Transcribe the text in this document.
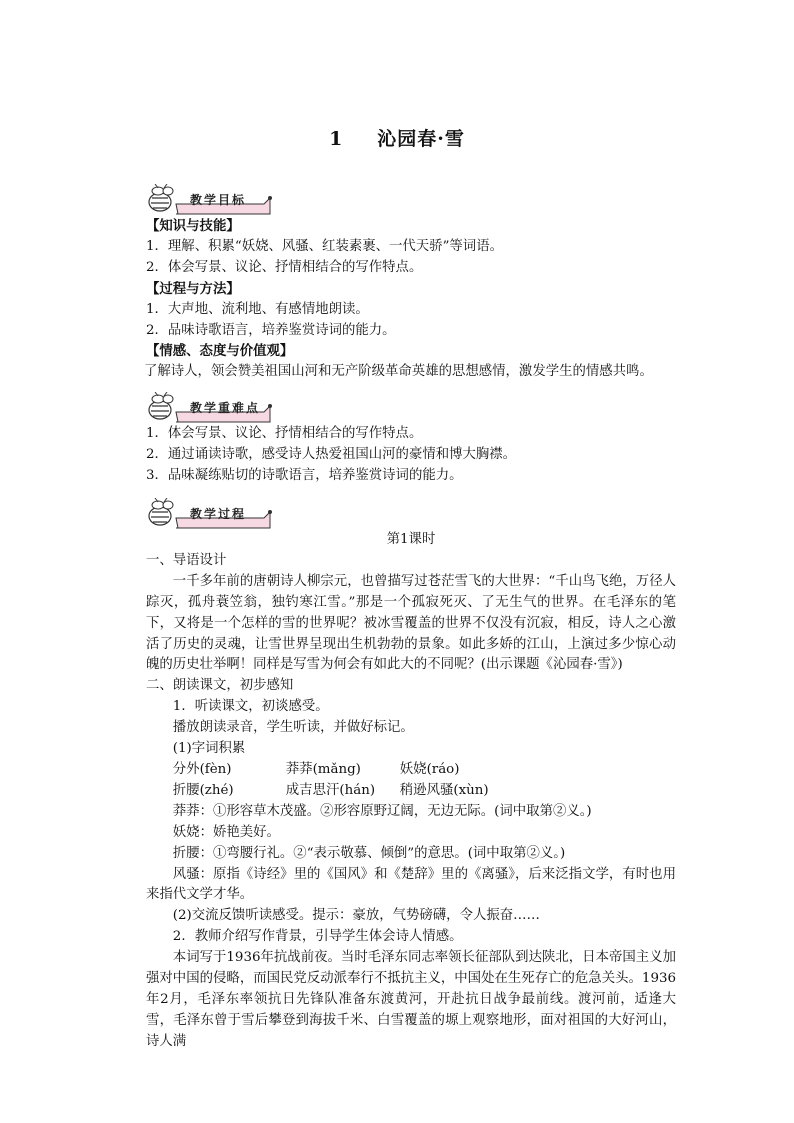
1 沁园春·雪
教学目标
【知识与技能】
1．理解、积累“妖娆、风骚、红装素裹、一代天骄”等词语。
2．体会写景、议论、抒情相结合的写作特点。
【过程与方法】
1．大声地、流利地、有感情地朗读。
2．品味诗歌语言，培养鉴赏诗词的能力。
【情感、态度与价值观】
了解诗人，领会赞美祖国山河和无产阶级革命英雄的思想感情，激发学生的情感共鸣。
教学重难点
1．体会写景、议论、抒情相结合的写作特点。
2．通过诵读诗歌，感受诗人热爱祖国山河的豪情和博大胸襟。
3．品味凝练贴切的诗歌语言，培养鉴赏诗词的能力。
教学过程
第1课时
一、导语设计
一千多年前的唐朝诗人柳宗元，也曾描写过苍茫雪飞的大世界：“千山鸟飞绝，万径人踪灭，孤舟蓑笠翁，独钓寒江雪。”那是一个孤寂死灭、了无生气的世界。在毛泽东的笔下，又将是一个怎样的雪的世界呢？被冰雪覆盖的世界不仅没有沉寂，相反，诗人之心激活了历史的灵魂，让雪世界呈现出生机勃勃的景象。如此多娇的江山，上演过多少惊心动魄的历史壮举啊！同样是写雪为何会有如此大的不同呢？(出示课题《沁园春·雪》)
二、朗读课文，初步感知
1．听读课文，初谈感受。
播放朗读录音，学生听读，并做好标记。
(1)字词积累
分外(fèn)	莽莽(mǎng)	妖娆(ráo)
折腰(zhé)	成吉思汗(hán)	稍逊风骚(xùn)
莽莽：①形容草木茂盛。②形容原野辽阔，无边无际。(词中取第②义。)
妖娆：娇艳美好。
折腰：①弯腰行礼。②“表示敬慕、倾倒”的意思。(词中取第②义。)
风骚：原指《诗经》里的《国风》和《楚辞》里的《离骚》，后来泛指文学，有时也用来指代文学才华。
(2)交流反馈听读感受。提示：豪放，气势磅礴，令人振奋……
2．教师介绍写作背景，引导学生体会诗人情感。
本词写于1936年抗战前夜。当时毛泽东同志率领长征部队到达陕北，日本帝国主义加强对中国的侵略，而国民党反动派奉行不抵抗主义，中国处在生死存亡的危急关头。1936年2月，毛泽东率领抗日先锋队准备东渡黄河，开赴抗日战争最前线。渡河前，适逢大雪，毛泽东曾于雪后攀登到海拔千米、白雪覆盖的塬上观察地形，面对祖国的大好河山，诗人满
